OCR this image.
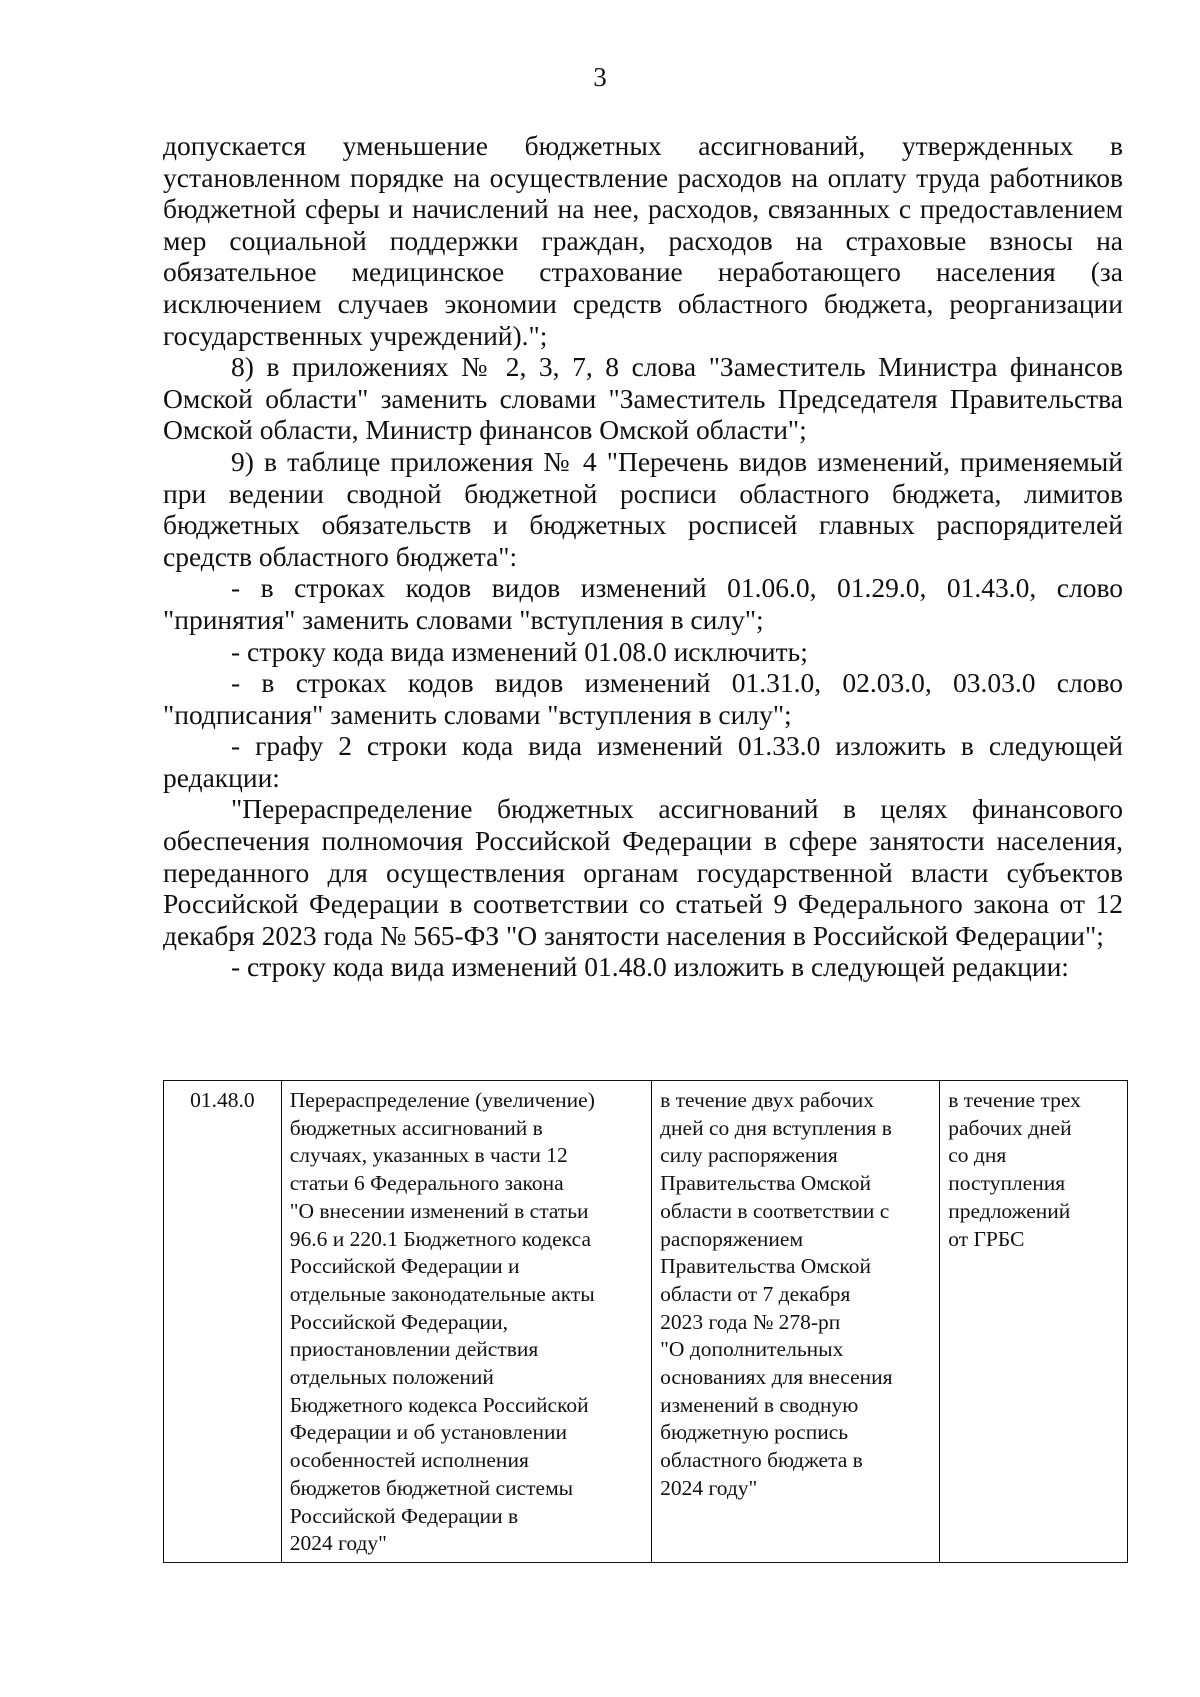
3

допускается уменьшение бюджетных ассигнований, утвержденных в установленном порядке на осуществление расходов на оплату труда работников бюджетной сферы и начислений на нее, расходов, связанных с предоставлением мер социальной поддержки граждан, расходов на страховые взносы на обязательное медицинское страхование неработающего населения (за исключением случаев экономии средств областного бюджета, реорганизации государственных учреждений).";

8) в приложениях № 2, 3, 7, 8 слова "Заместитель Министра финансов Омской области" заменить словами "Заместитель Председателя Правительства Омской области, Министр финансов Омской области";

9) в таблице приложения № 4 "Перечень видов изменений, применяемый при ведении сводной бюджетной росписи областного бюджета, лимитов бюджетных обязательств и бюджетных росписей главных распорядителей средств областного бюджета":

- в строках кодов видов изменений 01.06.0, 01.29.0, 01.43.0, слово "принятия" заменить словами "вступления в силу";

- строку кода вида изменений 01.08.0 исключить;

- в строках кодов видов изменений 01.31.0, 02.03.0, 03.03.0 слово "подписания" заменить словами "вступления в силу";

- графу 2 строки кода вида изменений 01.33.0 изложить в следующей редакции:

"Перераспределение бюджетных ассигнований в целях финансового обеспечения полномочия Российской Федерации в сфере занятости населения, переданного для осуществления органам государственной власти субъектов Российской Федерации в соответствии со статьей 9 Федерального закона от 12 декабря 2023 года № 565-ФЗ "О занятости населения в Российской Федерации";

- строку кода вида изменений 01.48.0 изложить в следующей редакции:

01.48.0	Перераспределение (увеличение)
бюджетных ассигнований в
случаях, указанных в части 12
статьи 6 Федерального закона
"О внесении изменений в статьи
96.6 и 220.1 Бюджетного кодекса
Российской Федерации и
отдельные законодательные акты
Российской Федерации,
приостановлении действия
отдельных положений
Бюджетного кодекса Российской
Федерации и об установлении
особенностей исполнения
бюджетов бюджетной системы
Российской Федерации в
2024 году"	в течение двух рабочих
дней со дня вступления в
силу распоряжения
Правительства Омской
области в соответствии с
распоряжением
Правительства Омской
области от 7 декабря
2023 года № 278-рп
"О дополнительных
основаниях для внесения
изменений в сводную
бюджетную роспись
областного бюджета в
2024 году"	в течение трех
рабочих дней
со дня
поступления
предложений
от ГРБС
